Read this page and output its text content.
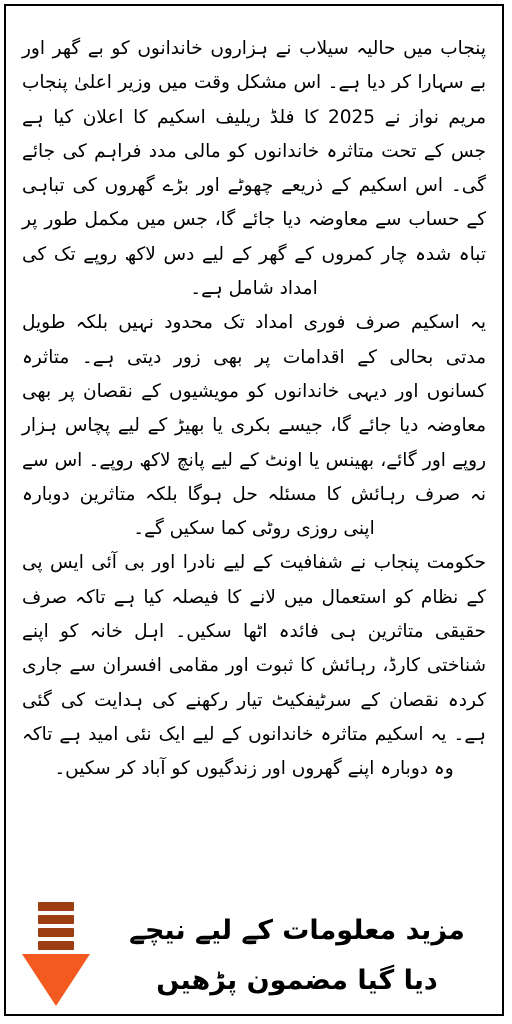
پنجاب میں حالیہ سیلاب نے ہزاروں خاندانوں کو بے گھر اور بے سہارا کر دیا ہے۔ اس مشکل وقت میں وزیر اعلیٰ پنجاب مریم نواز نے 2025 کا فلڈ ریلیف اسکیم کا اعلان کیا ہے جس کے تحت متاثرہ خاندانوں کو مالی مدد فراہم کی جائے گی۔ اس اسکیم کے ذریعے چھوٹے اور بڑے گھروں کی تباہی کے حساب سے معاوضہ دیا جائے گا، جس میں مکمل طور پر تباہ شدہ چار کمروں کے گھر کے لیے دس لاکھ روپے تک کی امداد شامل ہے۔

یہ اسکیم صرف فوری امداد تک محدود نہیں بلکہ طویل مدتی بحالی کے اقدامات پر بھی زور دیتی ہے۔ متاثرہ کسانوں اور دیہی خاندانوں کو مویشیوں کے نقصان پر بھی معاوضہ دیا جائے گا، جیسے بکری یا بھیڑ کے لیے پچاس ہزار روپے اور گائے، بھینس یا اونٹ کے لیے پانچ لاکھ روپے۔ اس سے نہ صرف رہائش کا مسئلہ حل ہوگا بلکہ متاثرین دوبارہ اپنی روزی روٹی کما سکیں گے۔

حکومت پنجاب نے شفافیت کے لیے نادرا اور بی آئی ایس پی کے نظام کو استعمال میں لانے کا فیصلہ کیا ہے تاکہ صرف حقیقی متاثرین ہی فائدہ اٹھا سکیں۔ اہل خانہ کو اپنے شناختی کارڈ، رہائش کا ثبوت اور مقامی افسران سے جاری کردہ نقصان کے سرٹیفکیٹ تیار رکھنے کی ہدایت کی گئی ہے۔ یہ اسکیم متاثرہ خاندانوں کے لیے ایک نئی امید ہے تاکہ وہ دوبارہ اپنے گھروں اور زندگیوں کو آباد کر سکیں۔

مزید معلومات کے لیے نیچے
دیا گیا مضمون پڑھیں
